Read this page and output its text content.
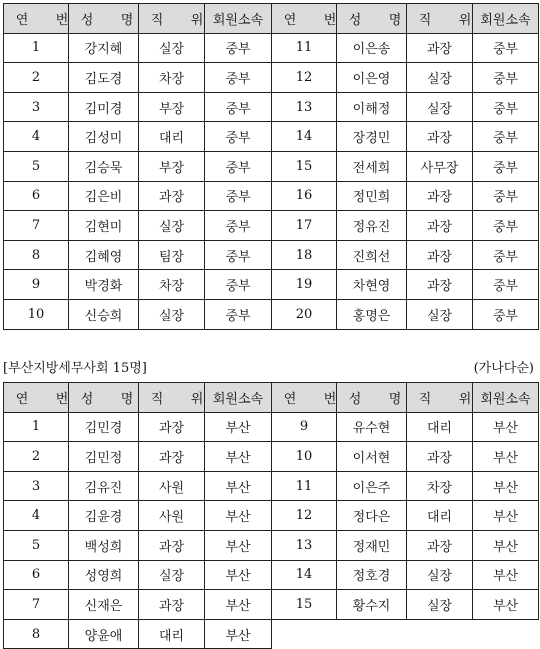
연 번	성 명	직 위	회원소속	연 번	성 명	직 위	회원소속
1	강지혜	실장	중부	11	이은송	과장	중부
2	김도경	차장	중부	12	이은영	실장	중부
3	김미경	부장	중부	13	이해정	실장	중부
4	김성미	대리	중부	14	장경민	과장	중부
5	김승묵	부장	중부	15	전세희	사무장	중부
6	김은비	과장	중부	16	정민희	과장	중부
7	김현미	실장	중부	17	정유진	과장	중부
8	김혜영	팀장	중부	18	진희선	과장	중부
9	박경화	차장	중부	19	차현영	과장	중부
10	신승희	실장	중부	20	홍명은	실장	중부
[부산지방세무사회 15명]	(가나다순)
연 번	성 명	직 위	회원소속	연 번	성 명	직 위	회원소속
1	김민경	과장	부산	9	유수현	대리	부산
2	김민정	과장	부산	10	이서현	과장	부산
3	김유진	사원	부산	11	이은주	차장	부산
4	김윤경	사원	부산	12	정다은	대리	부산
5	백성희	과장	부산	13	정재민	과장	부산
6	성영희	실장	부산	14	정호경	실장	부산
7	신재은	과장	부산	15	황수지	실장	부산
8	양윤애	대리	부산				
